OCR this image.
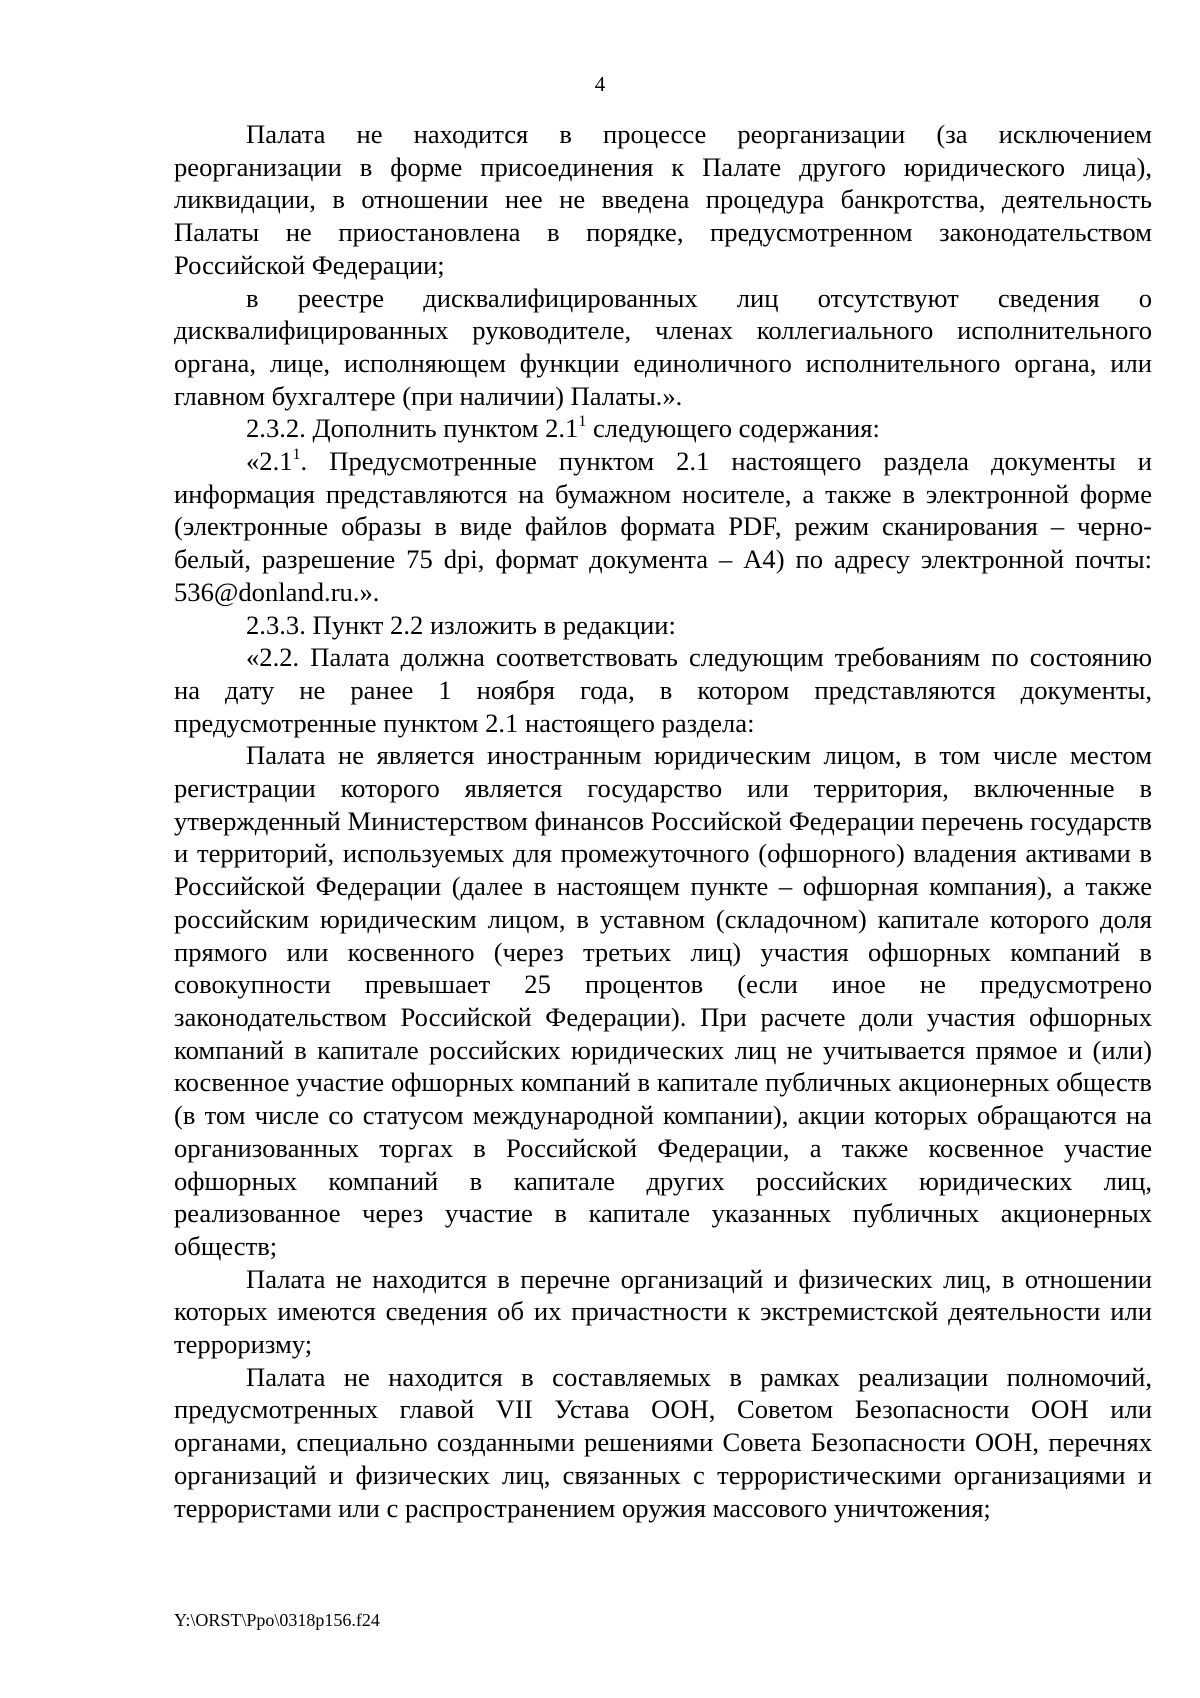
4

Палата не находится в процессе реорганизации (за исключением реорганизации в форме присоединения к Палате другого юридического лица), ликвидации, в отношении нее не введена процедура банкротства, деятельность Палаты не приостановлена в порядке, предусмотренном законодательством Российской Федерации;

в реестре дисквалифицированных лиц отсутствуют сведения о дисквалифицированных руководителе, членах коллегиального исполнительного органа, лице, исполняющем функции единоличного исполнительного органа, или главном бухгалтере (при наличии) Палаты.».

2.3.2. Дополнить пунктом $2.1^1$ следующего содержания:

«$2.1^1$. Предусмотренные пунктом 2.1 настоящего раздела документы и информация представляются на бумажном носителе, а также в электронной форме (электронные образы в виде файлов формата PDF, режим сканирования – черно-белый, разрешение 75 dpi, формат документа – А4) по адресу электронной почты: 536@donland.ru.».

2.3.3. Пункт 2.2 изложить в редакции:

«2.2. Палата должна соответствовать следующим требованиям по состоянию на дату не ранее 1 ноября года, в котором представляются документы, предусмотренные пунктом 2.1 настоящего раздела:

Палата не является иностранным юридическим лицом, в том числе местом регистрации которого является государство или территория, включенные в утвержденный Министерством финансов Российской Федерации перечень государств и территорий, используемых для промежуточного (офшорного) владения активами в Российской Федерации (далее в настоящем пункте – офшорная компания), а также российским юридическим лицом, в уставном (складочном) капитале которого доля прямого или косвенного (через третьих лиц) участия офшорных компаний в совокупности превышает 25 процентов (если иное не предусмотрено законодательством Российской Федерации). При расчете доли участия офшорных компаний в капитале российских юридических лиц не учитывается прямое и (или) косвенное участие офшорных компаний в капитале публичных акционерных обществ (в том числе со статусом международной компании), акции которых обращаются на организованных торгах в Российской Федерации, а также косвенное участие офшорных компаний в капитале других российских юридических лиц, реализованное через участие в капитале указанных публичных акционерных обществ;

Палата не находится в перечне организаций и физических лиц, в отношении которых имеются сведения об их причастности к экстремистской деятельности или терроризму;

Палата не находится в составляемых в рамках реализации полномочий, предусмотренных главой VII Устава ООН, Советом Безопасности ООН или органами, специально созданными решениями Совета Безопасности ООН, перечнях организаций и физических лиц, связанных с террористическими организациями и террористами или с распространением оружия массового уничтожения;

Y:\ORST\Ppo\0318p156.f24
